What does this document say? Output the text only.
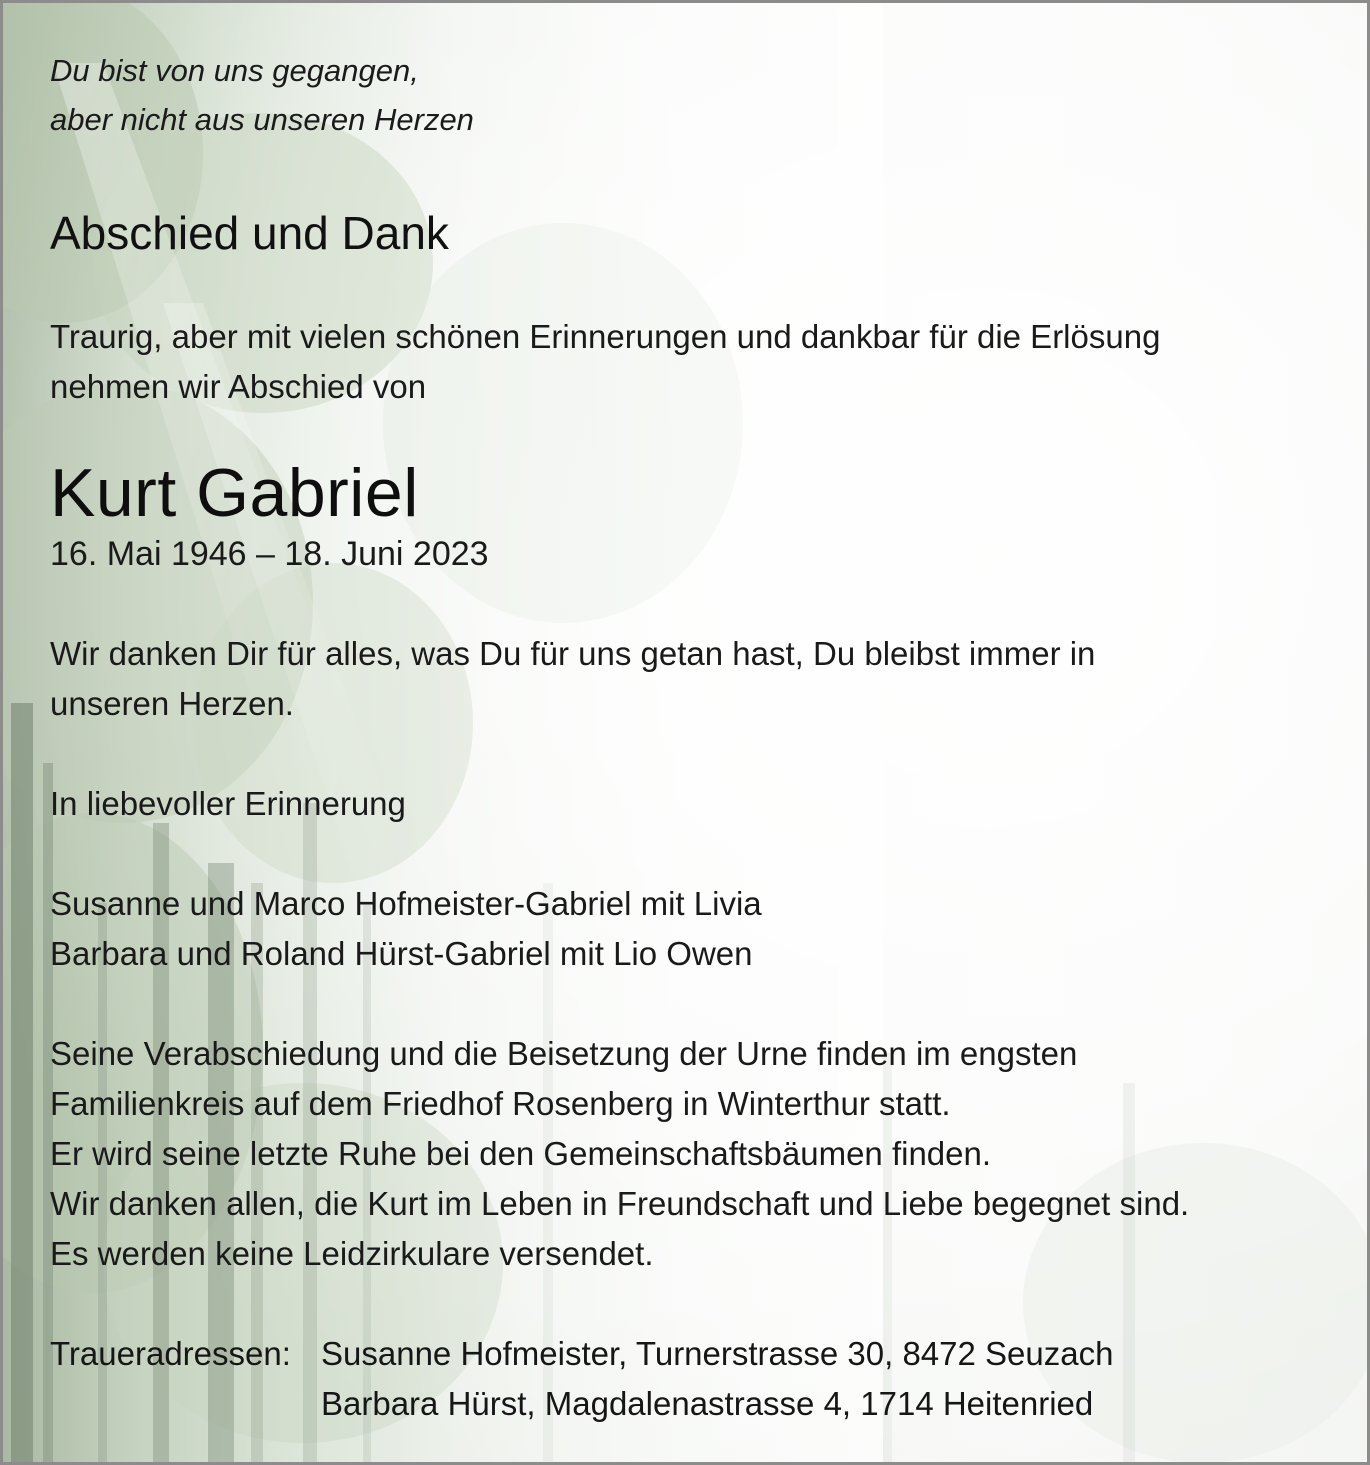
Du bist von uns gegangen,
aber nicht aus unseren Herzen
Abschied und Dank
Traurig, aber mit vielen schönen Erinnerungen und dankbar für die Erlösung
nehmen wir Abschied von
Kurt Gabriel
16. Mai 1946 – 18. Juni 2023
Wir danken Dir für alles, was Du für uns getan hast, Du bleibst immer in
unseren Herzen.
In liebevoller Erinnerung
Susanne und Marco Hofmeister-Gabriel mit Livia
Barbara und Roland Hürst-Gabriel mit Lio Owen
Seine Verabschiedung und die Beisetzung der Urne finden im engsten
Familienkreis auf dem Friedhof Rosenberg in Winterthur statt.
Er wird seine letzte Ruhe bei den Gemeinschaftsbäumen finden.
Wir danken allen, die Kurt im Leben in Freundschaft und Liebe begegnet sind.
Es werden keine Leidzirkulare versendet.
Traueradressen: Susanne Hofmeister, Turnerstrasse 30, 8472 Seuzach
Barbara Hürst, Magdalenastrasse 4, 1714 Heitenried
